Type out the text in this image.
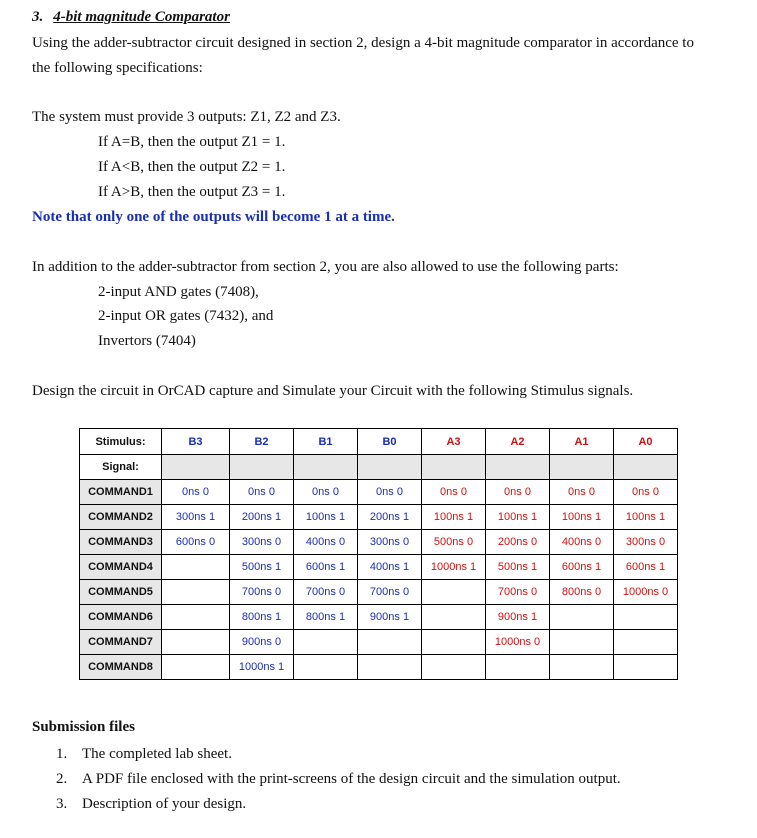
3. 4-bit magnitude Comparator
Using the adder-subtractor circuit designed in section 2, design a 4-bit magnitude comparator in accordance to
the following specifications:
The system must provide 3 outputs: Z1, Z2 and Z3.
If A=B, then the output Z1 = 1.
If A<B, then the output Z2 = 1.
If A>B, then the output Z3 = 1.
Note that only one of the outputs will become 1 at a time.
In addition to the adder-subtractor from section 2, you are also allowed to use the following parts:
2-input AND gates (7408),
2-input OR gates (7432), and
Invertors (7404)
Design the circuit in OrCAD capture and Simulate your Circuit with the following Stimulus signals.
Stimulus:	B3	B2	B1	B0	A3	A2	A1	A0
Signal:								
COMMAND1	0ns 0	0ns 0	0ns 0	0ns 0	0ns 0	0ns 0	0ns 0	0ns 0
COMMAND2	300ns 1	200ns 1	100ns 1	200ns 1	100ns 1	100ns 1	100ns 1	100ns 1
COMMAND3	600ns 0	300ns 0	400ns 0	300ns 0	500ns 0	200ns 0	400ns 0	300ns 0
COMMAND4		500ns 1	600ns 1	400ns 1	1000ns 1	500ns 1	600ns 1	600ns 1
COMMAND5		700ns 0	700ns 0	700ns 0		700ns 0	800ns 0	1000ns 0
COMMAND6		800ns 1	800ns 1	900ns 1		900ns 1		
COMMAND7		900ns 0				1000ns 0		
COMMAND8		1000ns 1						
Submission files
1. The completed lab sheet.
2. A PDF file enclosed with the print-screens of the design circuit and the simulation output.
3. Description of your design.
